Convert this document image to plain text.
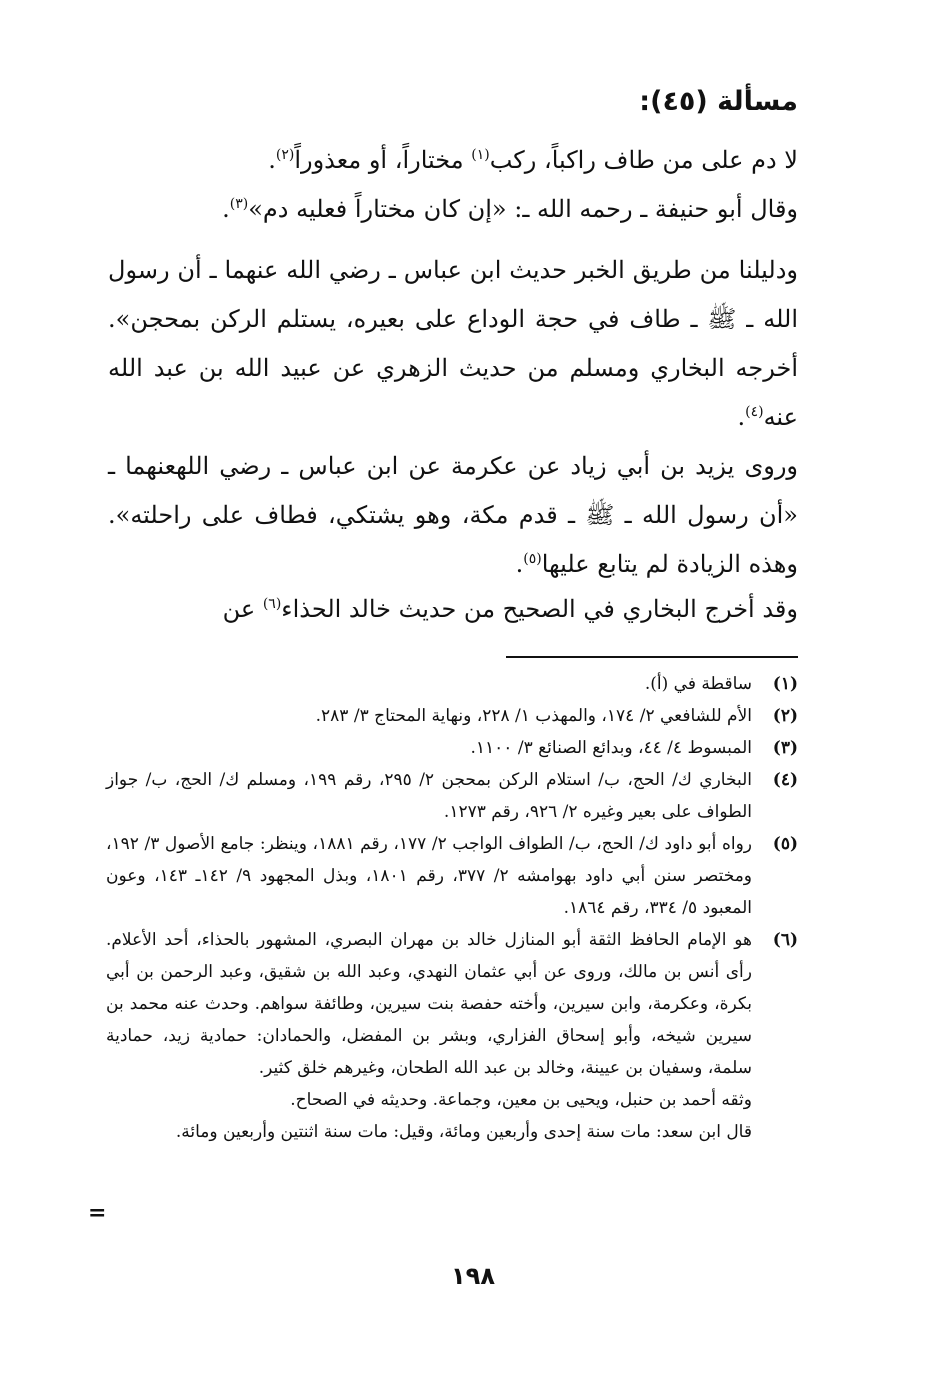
مسألة (٤٥):

لا دم على من طاف راكباً، ركب$^{(١)}$ مختاراً، أو معذوراً$^{(٢)}$.

وقال أبو حنيفة ـ رحمه الله ـ: «إن كان مختاراً فعليه دم»$^{(٣)}$.

ودليلنا من طريق الخبر حديث ابن عباس ـ رضي الله عنهما ـ أن رسول الله ـ ﷺ ـ طاف في حجة الوداع على بعيره، يستلم الركن بمحجن». أخرجه البخاري ومسلم من حديث الزهري عن عبيد الله بن عبد الله عنه$^{(٤)}$.

وروى يزيد بن أبي زياد عن عكرمة عن ابن عباس ـ رضي اللهعنهما ـ «أن رسول الله ـ ﷺ ـ قدم مكة، وهو يشتكي، فطاف على راحلته». وهذه الزيادة لم يتابع عليها$^{(٥)}$.

وقد أخرج البخاري في الصحيح من حديث خالد الحذاء$^{(٦)}$ عن

(١)
ساقطة في (أ).
(٢)
الأم للشافعي ٢/ ١٧٤، والمهذب ١/ ٢٢٨، ونهاية المحتاج ٣/ ٢٨٣.
(٣)
المبسوط ٤/ ٤٤، وبدائع الصنائع ٣/ ١١٠٠.
(٤)
البخاري ك/ الحج، ب/ استلام الركن بمحجن ٢/ ٢٩٥، رقم ١٩٩، ومسلم ك/ الحج، ب/ جواز الطواف على بعير وغيره ٢/ ٩٢٦، رقم ١٢٧٣.
(٥)
رواه أبو داود ك/ الحج، ب/ الطواف الواجب ٢/ ١٧٧، رقم ١٨٨١، وينظر: جامع الأصول ٣/ ١٩٢، ومختصر سنن أبي داود بهوامشه ٢/ ٣٧٧، رقم ١٨٠١، وبذل المجهود ٩/ ١٤٢ـ ١٤٣، وعون المعبود ٥/ ٣٣٤، رقم ١٨٦٤.
(٦)

هو الإمام الحافظ الثقة أبو المنازل خالد بن مهران البصري، المشهور بالحذاء، أحد الأعلام. رأى أنس بن مالك، وروى عن أبي عثمان النهدي، وعبد الله بن شقيق، وعبد الرحمن بن أبي بكرة، وعكرمة، وابن سيرين، وأخته حفصة بنت سيرين، وطائفة سواهم. وحدث عنه محمد بن سيرين شيخه، وأبو إسحاق الفزاري، وبشر بن المفضل، والحمادان: حمادية زيد، حمادية سلمة، وسفيان بن عيينة، وخالد بن عبد الله الطحان، وغيرهم خلق كثير.

وثقه أحمد بن حنبل، ويحيى بن معين، وجماعة. وحديثه في الصحاح.

قال ابن سعد: مات سنة إحدى وأربعين ومائة، وقيل: مات سنة اثنتين وأربعين ومائة.

=
١٩٨
